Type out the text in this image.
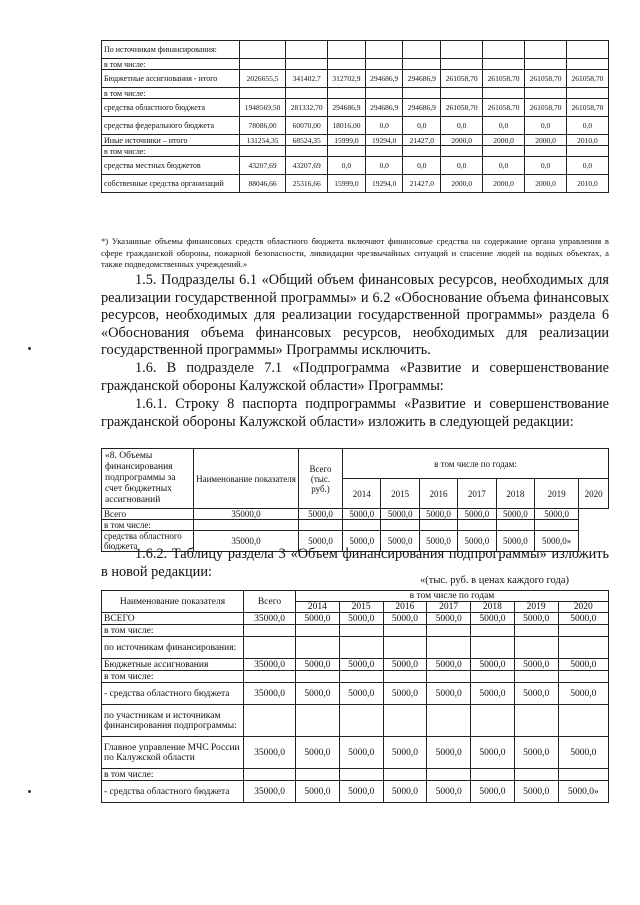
По источникам финансирования:									
в том числе:									
Бюджетные ассигнования - итого	2026655,5	341402,7	312702,9	294686,9	294686,9	261058,70	261058,70	261058,70	261058,70
в том числе:									
средства областного бюджета	1948569,50	281332,70	294686,9	294686,9	294686,9	261058,70	261058,70	261058,70	261058,70
средства федерального бюджета	78086,00	60070,00	18016,00	0,0	0,0	0,0	0,0	0,0	0,0
Иные источники – итого	131254,35	68524,35	15999,0	19294,0	21427,0	2000,0	2000,0	2000,0	2010,0
в том числе:									
средства местных бюджетов	43207,69	43207,69	0,0	0,0	0,0	0,0	0,0	0,0	0,0
собственные средства организаций	88046,66	25316,66	15999,0	19294,0	21427,0	2000,0	2000,0	2000,0	2010,0
*) Указанные объемы финансовых средств областного бюджета включают финансовые средства на содержание органа управления в сфере гражданской обороны, пожарной безопасности, ликвидации чрезвычайных ситуаций и спасение людей на водных объектах, а также подведомственных учреждений.»

1.5. Подразделы 6.1 «Общий объем финансовых ресурсов, необходимых для реализации государственной программы» и 6.2 «Обоснование объема финансовых ресурсов, необходимых для реализации государственной программы» раздела 6 «Обоснования объема финансовых ресурсов, необходимых для реализации государственной программы» Программы исключить.

1.6. В подразделе 7.1 «Подпрограмма «Развитие и совершенствование гражданской обороны Калужской области» Программы:

1.6.1. Строку 8 паспорта подпрограммы «Развитие и совершенствование гражданской обороны Калужской области» изложить в следующей редакции:

«8. Объемы финансирования подпрограммы за счет бюджетных ассигнований	Наименование показателя	Всего (тыс. руб.)	в том числе по годам:						
			2014	2015	2016	2017	2018	2019	2020
Всего	35000,0	5000,0	5000,0	5000,0	5000,0	5000,0	5000,0	5000,0	
в том числе:									
средства областного бюджета	35000,0	5000,0	5000,0	5000,0	5000,0	5000,0	5000,0	5000,0»	

1.6.2. Таблицу раздела 3 «Объем финансирования подпрограммы» изложить в новой редакции:

«(тыс. руб. в ценах каждого года)
Наименование показателя	Всего	в том числе по годам						
		2014	2015	2016	2017	2018	2019	2020
ВСЕГО	35000,0	5000,0	5000,0	5000,0	5000,0	5000,0	5000,0	5000,0
в том числе:								
по источникам финансирования:								
Бюджетные ассигнования	35000,0	5000,0	5000,0	5000,0	5000,0	5000,0	5000,0	5000,0
в том числе:								
- средства областного бюджета	35000,0	5000,0	5000,0	5000,0	5000,0	5000,0	5000,0	5000,0
по участникам и источникам финансирования подпрограммы:								
Главное управление МЧС России по Калужской области	35000,0	5000,0	5000,0	5000,0	5000,0	5000,0	5000,0	5000,0
в том числе:								
- средства областного бюджета	35000,0	5000,0	5000,0	5000,0	5000,0	5000,0	5000,0	5000,0»
